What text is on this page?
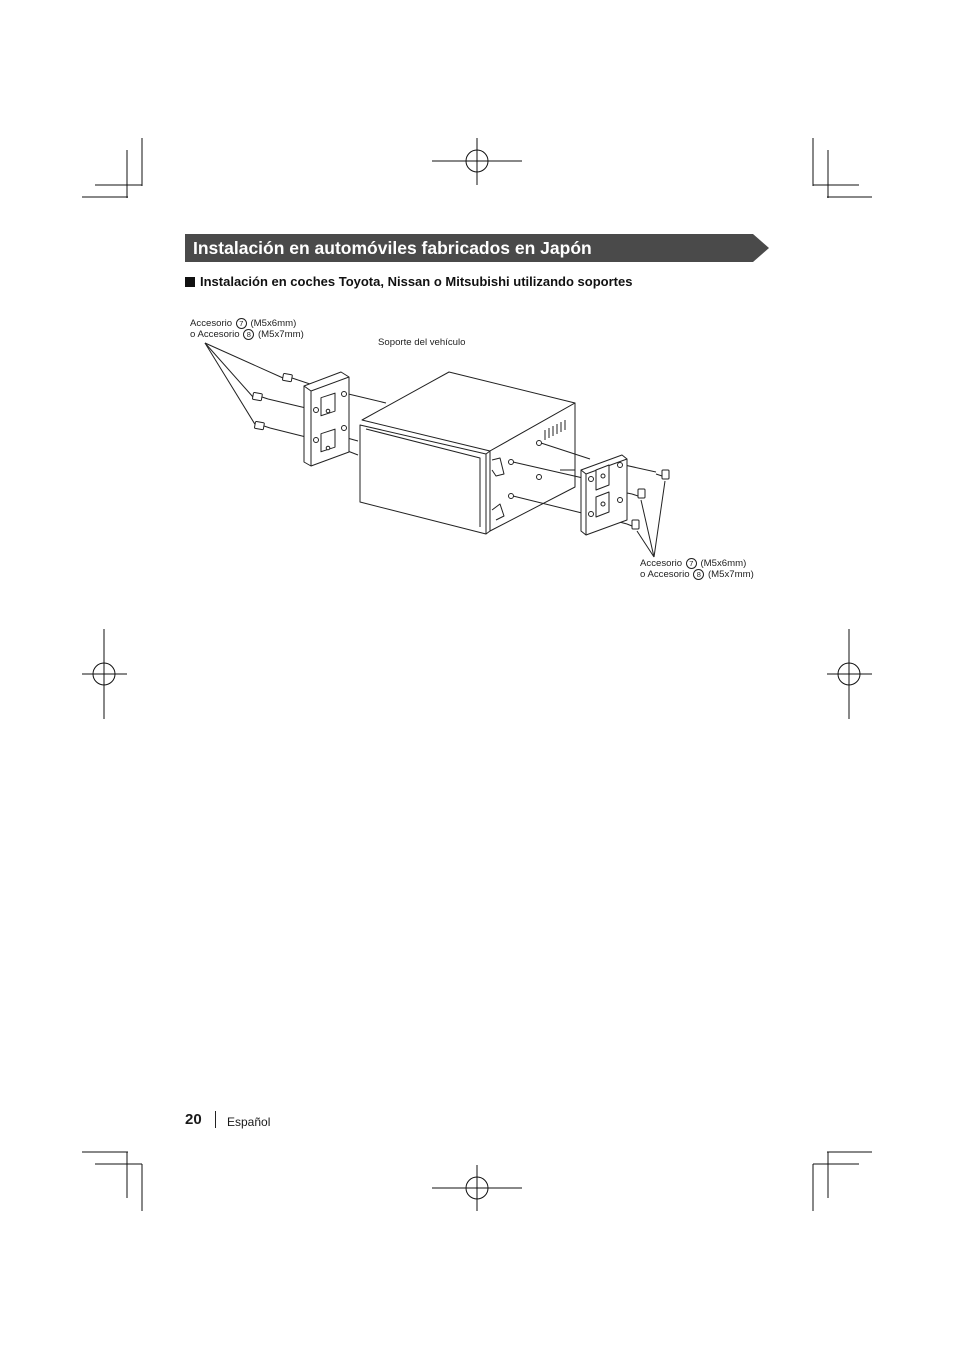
Instalación en automóviles fabricados en Japón
Instalación en coches Toyota, Nissan o Mitsubishi utilizando soportes
Accesorio 7 (M5x6mm)
o Accesorio 8 (M5x7mm)
Soporte del vehículo
Accesorio 7 (M5x6mm)
o Accesorio 8 (M5x7mm)
20 Español
